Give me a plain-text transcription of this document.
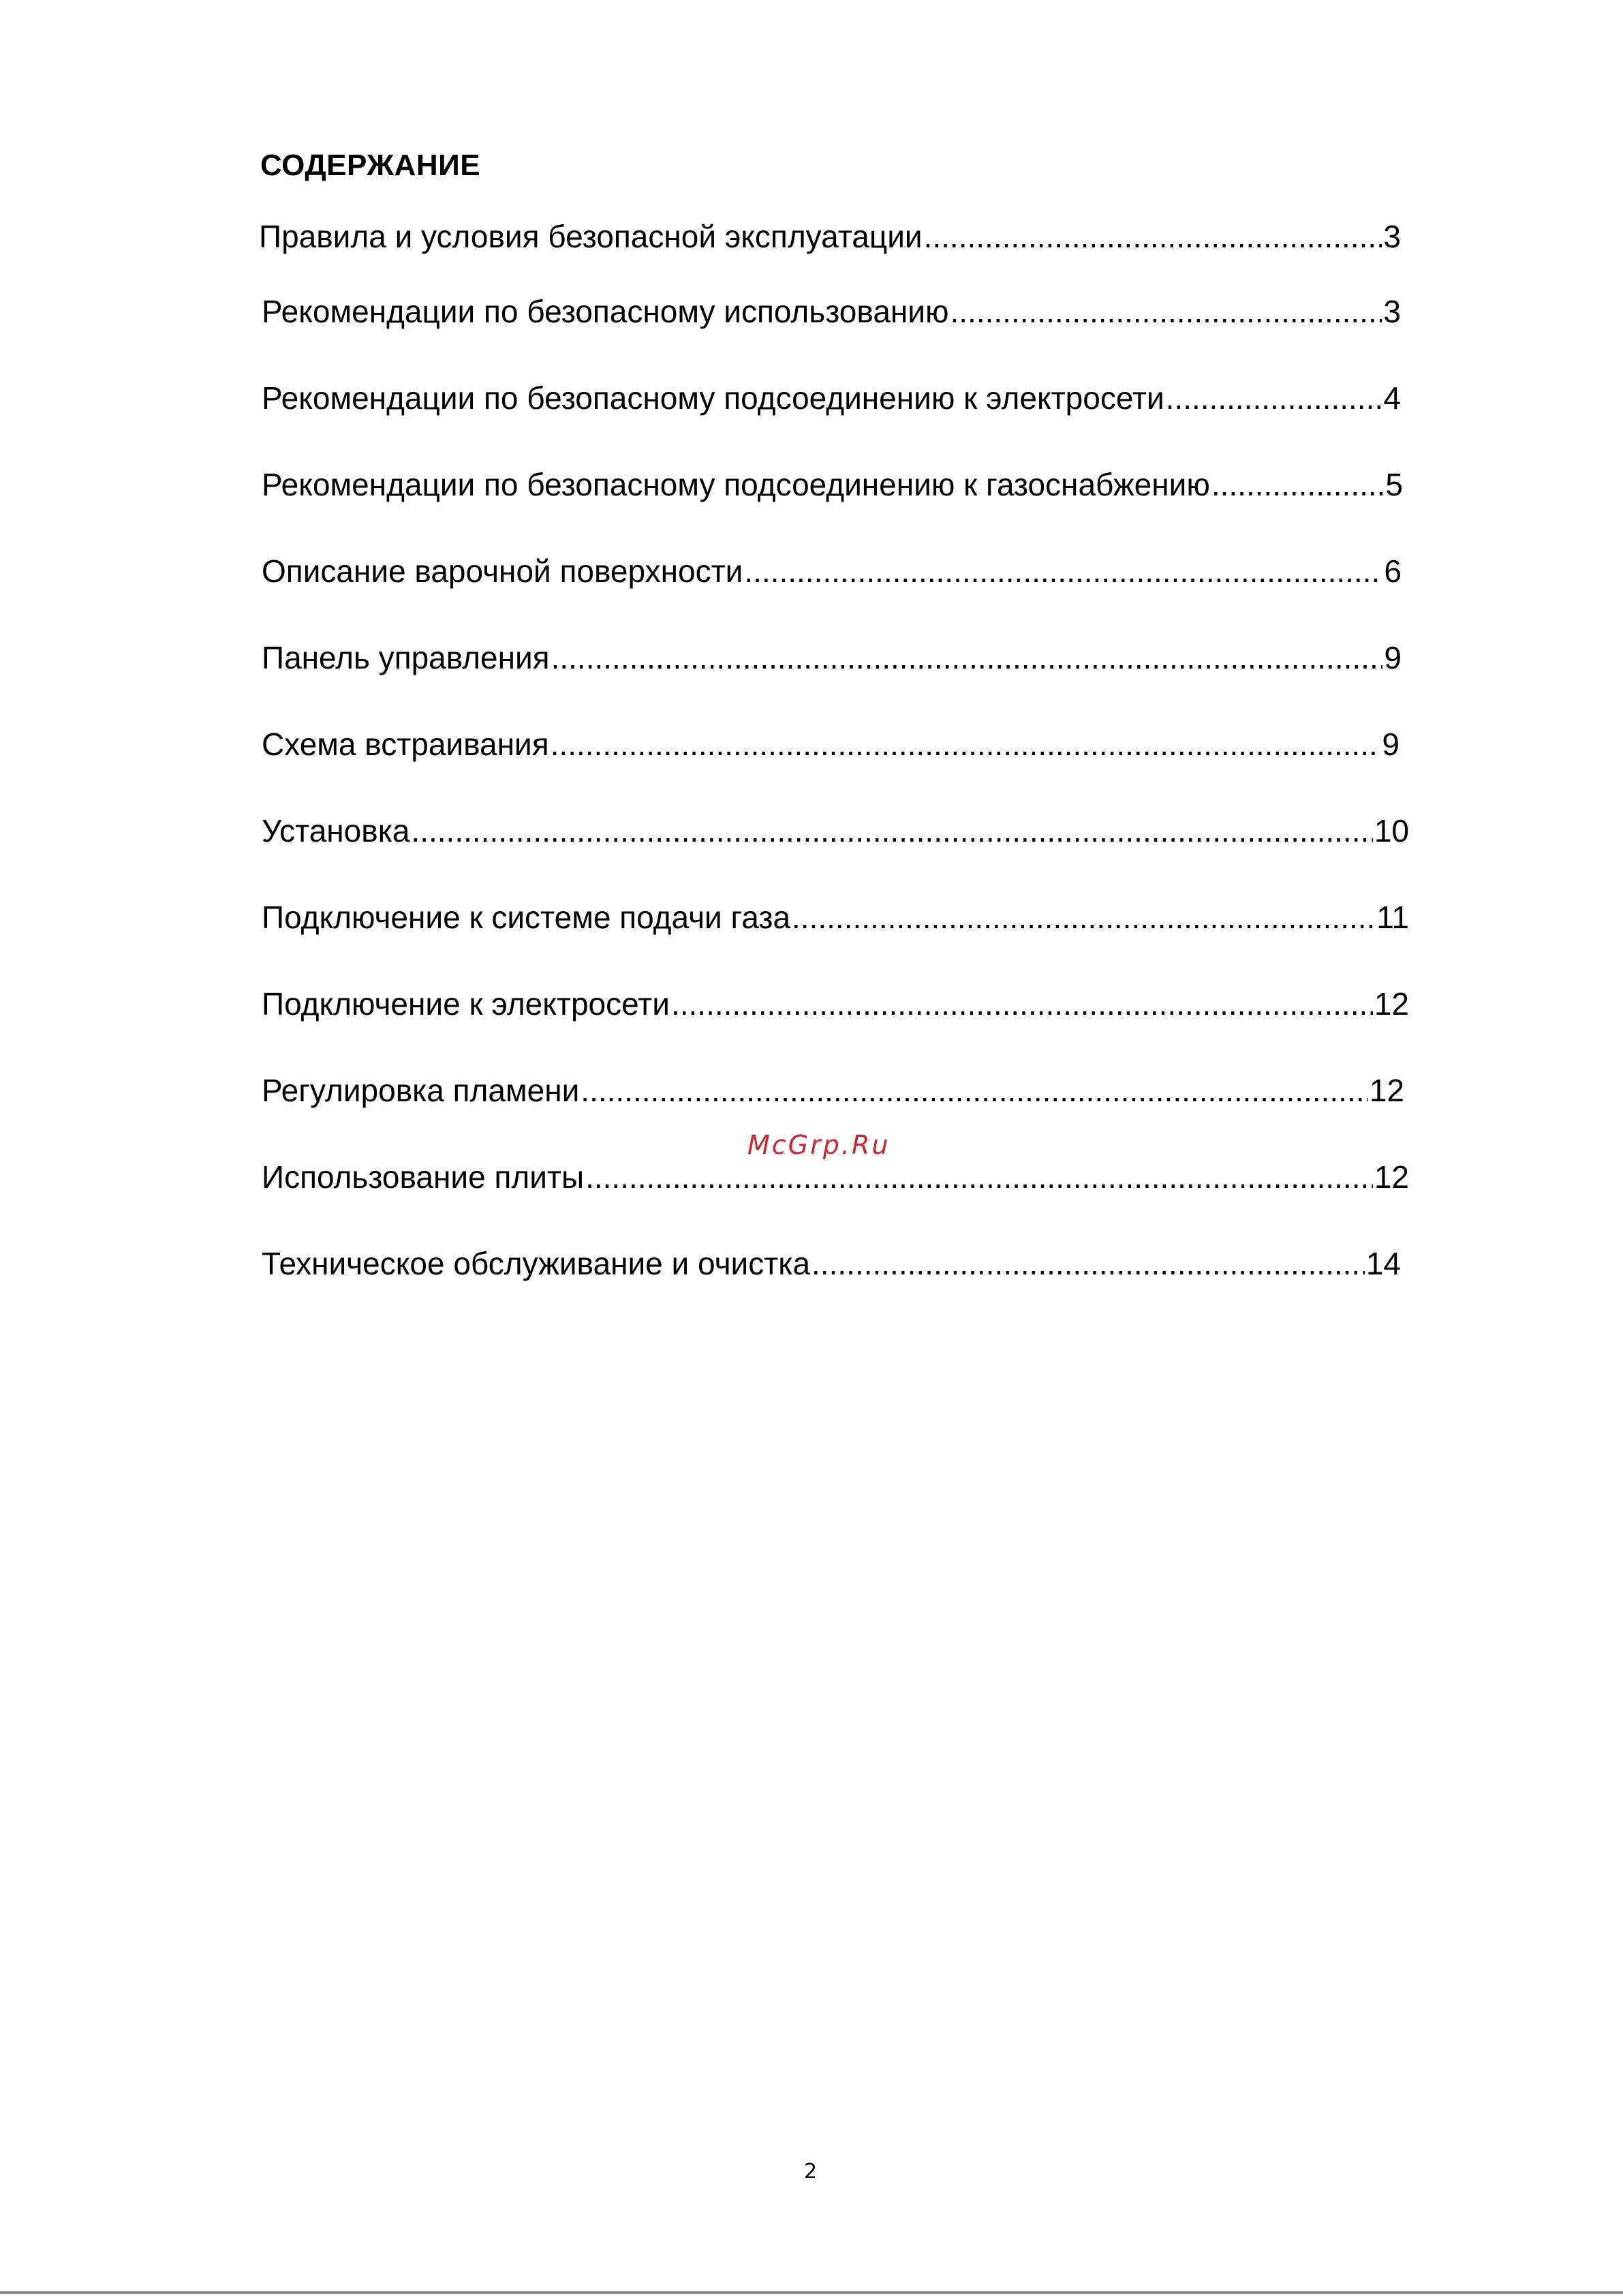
СОДЕРЖАНИЕ
Правила и условия безопасной эксплуатации .....	3
Рекомендации по безопасному использованию .....	3
Рекомендации по безопасному подсоединению к электросети .....	4
Рекомендации по безопасному подсоединению к газоснабжению .....	5
Описание варочной поверхности .....	6
Панель управления .....	9
Схема встраивания .....	9
Установка .....	10
Подключение к системе подачи газа .....	11
Подключение к электросети .....	12
Регулировка пламени .....	12
Использование плиты .....	12
Техническое обслуживание и очистка .....	14
McGrp.Ru
2
